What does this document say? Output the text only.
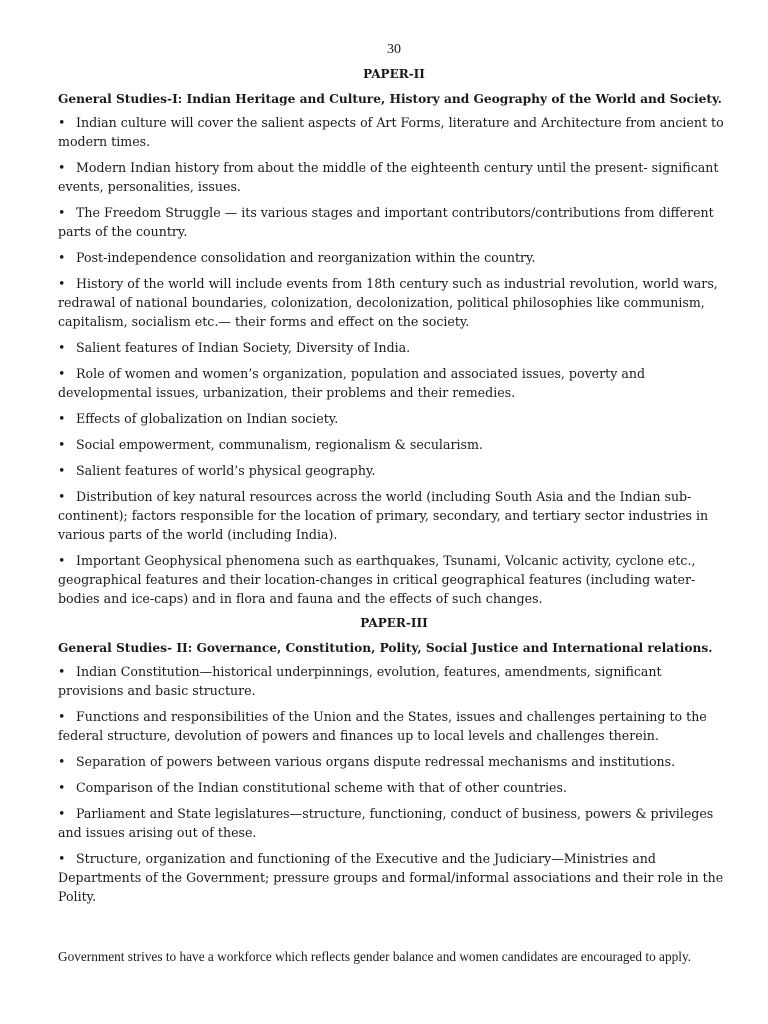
30
PAPER-II
General Studies-I: Indian Heritage and Culture, History and Geography of the World and Society.
• Indian culture will cover the salient aspects of Art Forms, literature and Architecture from ancient to modern times.
• Modern Indian history from about the middle of the eighteenth century until the present- significant events, personalities, issues.
• The Freedom Struggle — its various stages and important contributors/contributions from different parts of the country.
• Post-independence consolidation and reorganization within the country.
• History of the world will include events from 18th century such as industrial revolution, world wars, redrawal of national boundaries, colonization, decolonization, political philosophies like communism, capitalism, socialism etc.— their forms and effect on the society.
• Salient features of Indian Society, Diversity of India.
• Role of women and women’s organization, population and associated issues, poverty and developmental issues, urbanization, their problems and their remedies.
• Effects of globalization on Indian society.
• Social empowerment, communalism, regionalism & secularism.
• Salient features of world’s physical geography.
• Distribution of key natural resources across the world (including South Asia and the Indian sub-continent); factors responsible for the location of primary, secondary, and tertiary sector industries in various parts of the world (including India).
• Important Geophysical phenomena such as earthquakes, Tsunami, Volcanic activity, cyclone etc., geographical features and their location-changes in critical geographical features (including water-bodies and ice-caps) and in flora and fauna and the effects of such changes.
PAPER-III
General Studies- II: Governance, Constitution, Polity, Social Justice and International relations.
• Indian Constitution—historical underpinnings, evolution, features, amendments, significant provisions and basic structure.
• Functions and responsibilities of the Union and the States, issues and challenges pertaining to the federal structure, devolution of powers and finances up to local levels and challenges therein.
• Separation of powers between various organs dispute redressal mechanisms and institutions.
• Comparison of the Indian constitutional scheme with that of other countries.
• Parliament and State legislatures—structure, functioning, conduct of business, powers & privileges and issues arising out of these.
• Structure, organization and functioning of the Executive and the Judiciary—Ministries and Departments of the Government; pressure groups and formal/informal associations and their role in the Polity.
Government strives to have a workforce which reflects gender balance and women candidates are encouraged to apply.
